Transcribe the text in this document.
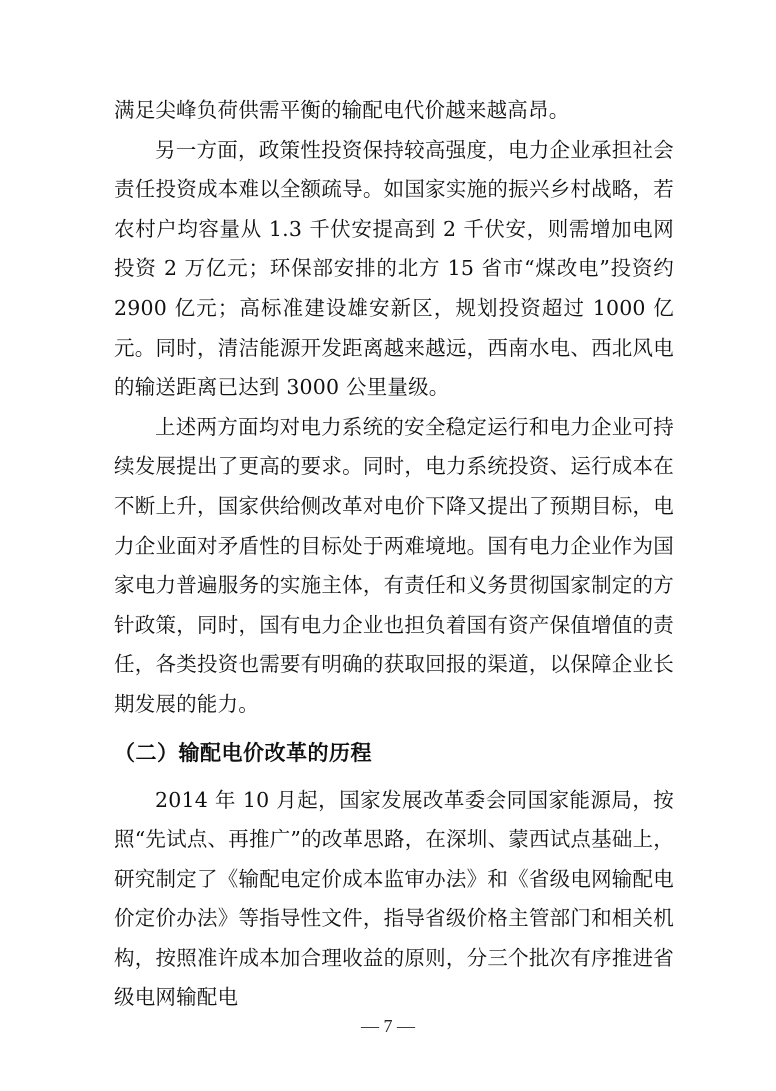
满足尖峰负荷供需平衡的输配电代价越来越高昂。

另一方面，政策性投资保持较高强度，电力企业承担社会责任投资成本难以全额疏导。如国家实施的振兴乡村战略，若农村户均容量从 1.3 千伏安提高到 2 千伏安，则需增加电网投资 2 万亿元；环保部安排的北方 15 省市“煤改电”投资约 2900 亿元；高标准建设雄安新区，规划投资超过 1000 亿元。同时，清洁能源开发距离越来越远，西南水电、西北风电的输送距离已达到 3000 公里量级。

上述两方面均对电力系统的安全稳定运行和电力企业可持续发展提出了更高的要求。同时，电力系统投资、运行成本在不断上升，国家供给侧改革对电价下降又提出了预期目标，电力企业面对矛盾性的目标处于两难境地。国有电力企业作为国家电力普遍服务的实施主体，有责任和义务贯彻国家制定的方针政策，同时，国有电力企业也担负着国有资产保值增值的责任，各类投资也需要有明确的获取回报的渠道，以保障企业长期发展的能力。

（二）输配电价改革的历程

2014 年 10 月起，国家发展改革委会同国家能源局，按照“先试点、再推广”的改革思路，在深圳、蒙西试点基础上，研究制定了《输配电定价成本监审办法》和《省级电网输配电价定价办法》等指导性文件，指导省级价格主管部门和相关机构，按照准许成本加合理收益的原则，分三个批次有序推进省级电网输配电

— 7 —
